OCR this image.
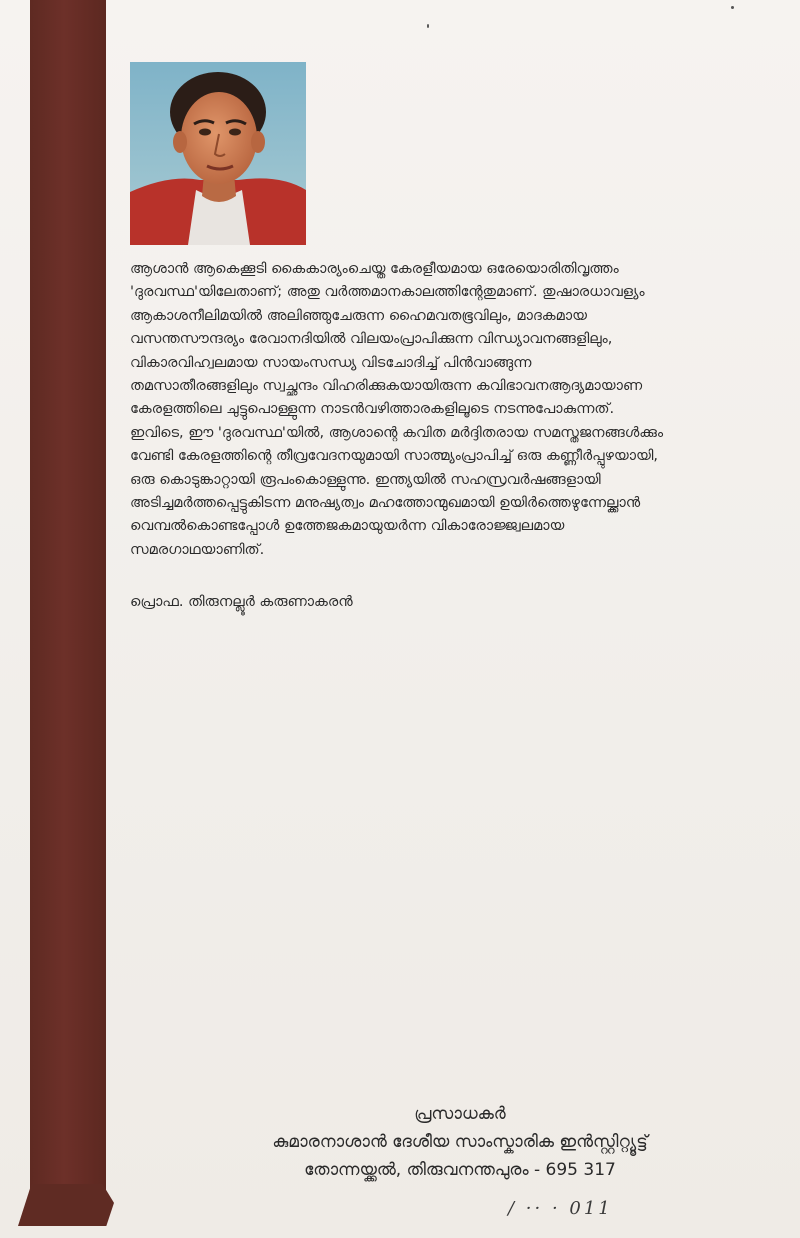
ആശാൻ ആകെക്കൂടി കൈകാര്യംചെയ്ത കേരളീയമായ ഒരേയൊരിതിവൃത്തം
'ദുരവസ്ഥ'യിലേതാണ്; അതു വർത്തമാനകാലത്തിന്റേതുമാണ്. തുഷാരധാവള്യം
ആകാശനീലിമയിൽ അലിഞ്ഞുചേരുന്ന ഹൈമവതഭൂവിലും, മാദകമായ
വസന്തസൗന്ദര്യം രേവാനദിയിൽ വിലയംപ്രാപിക്കുന്ന വിന്ധ്യാവനങ്ങളിലും,
വികാരവിഹ്വലമായ സായംസന്ധ്യ വിടചോദിച്ച് പിൻവാങ്ങുന്ന
തമസാതീരങ്ങളിലും സ്വച്ഛന്ദം വിഹരിക്കുകയായിരുന്ന കവിഭാവനആദ്യമായാണ
കേരളത്തിലെ ചുട്ടുപൊള്ളുന്ന നാടൻവഴിത്താരകളിലൂടെ നടന്നുപോകുന്നത്.
ഇവിടെ, ഈ 'ദുരവസ്ഥ'യിൽ, ആശാന്റെ കവിത മർദ്ദിതരായ സമസ്തജനങ്ങൾക്കും
വേണ്ടി കേരളത്തിന്റെ തീവ്രവേദനയുമായി സാത്മ്യംപ്രാപിച്ച് ഒരു കണ്ണീർപ്പുഴയായി,
ഒരു കൊടുങ്കാറ്റായി രൂപംകൊള്ളുന്നു. ഇന്ത്യയിൽ സഹസ്രവർഷങ്ങളായി
അടിച്ചമർത്തപ്പെട്ടുകിടന്ന മനുഷ്യത്വം മഹത്തോന്മുഖമായി ഉയിർത്തെഴുന്നേല്ക്കാൻ
വെമ്പൽകൊണ്ടപ്പോൾ ഉത്തേജകമായുയർന്ന വികാരോജ്ജ്വലമായ
സമരഗാഥയാണിത്.
പ്രൊഫ. തിരുനല്ലൂർ കരുണാകരൻ
പ്രസാധകർ
കുമാരനാശാൻ ദേശീയ സാംസ്കാരിക ഇൻസ്റ്റിറ്റ്യൂട്ട്
തോന്നയ്ക്കൽ, തിരുവനന്തപുരം - 695 317
/ ·· · 011
